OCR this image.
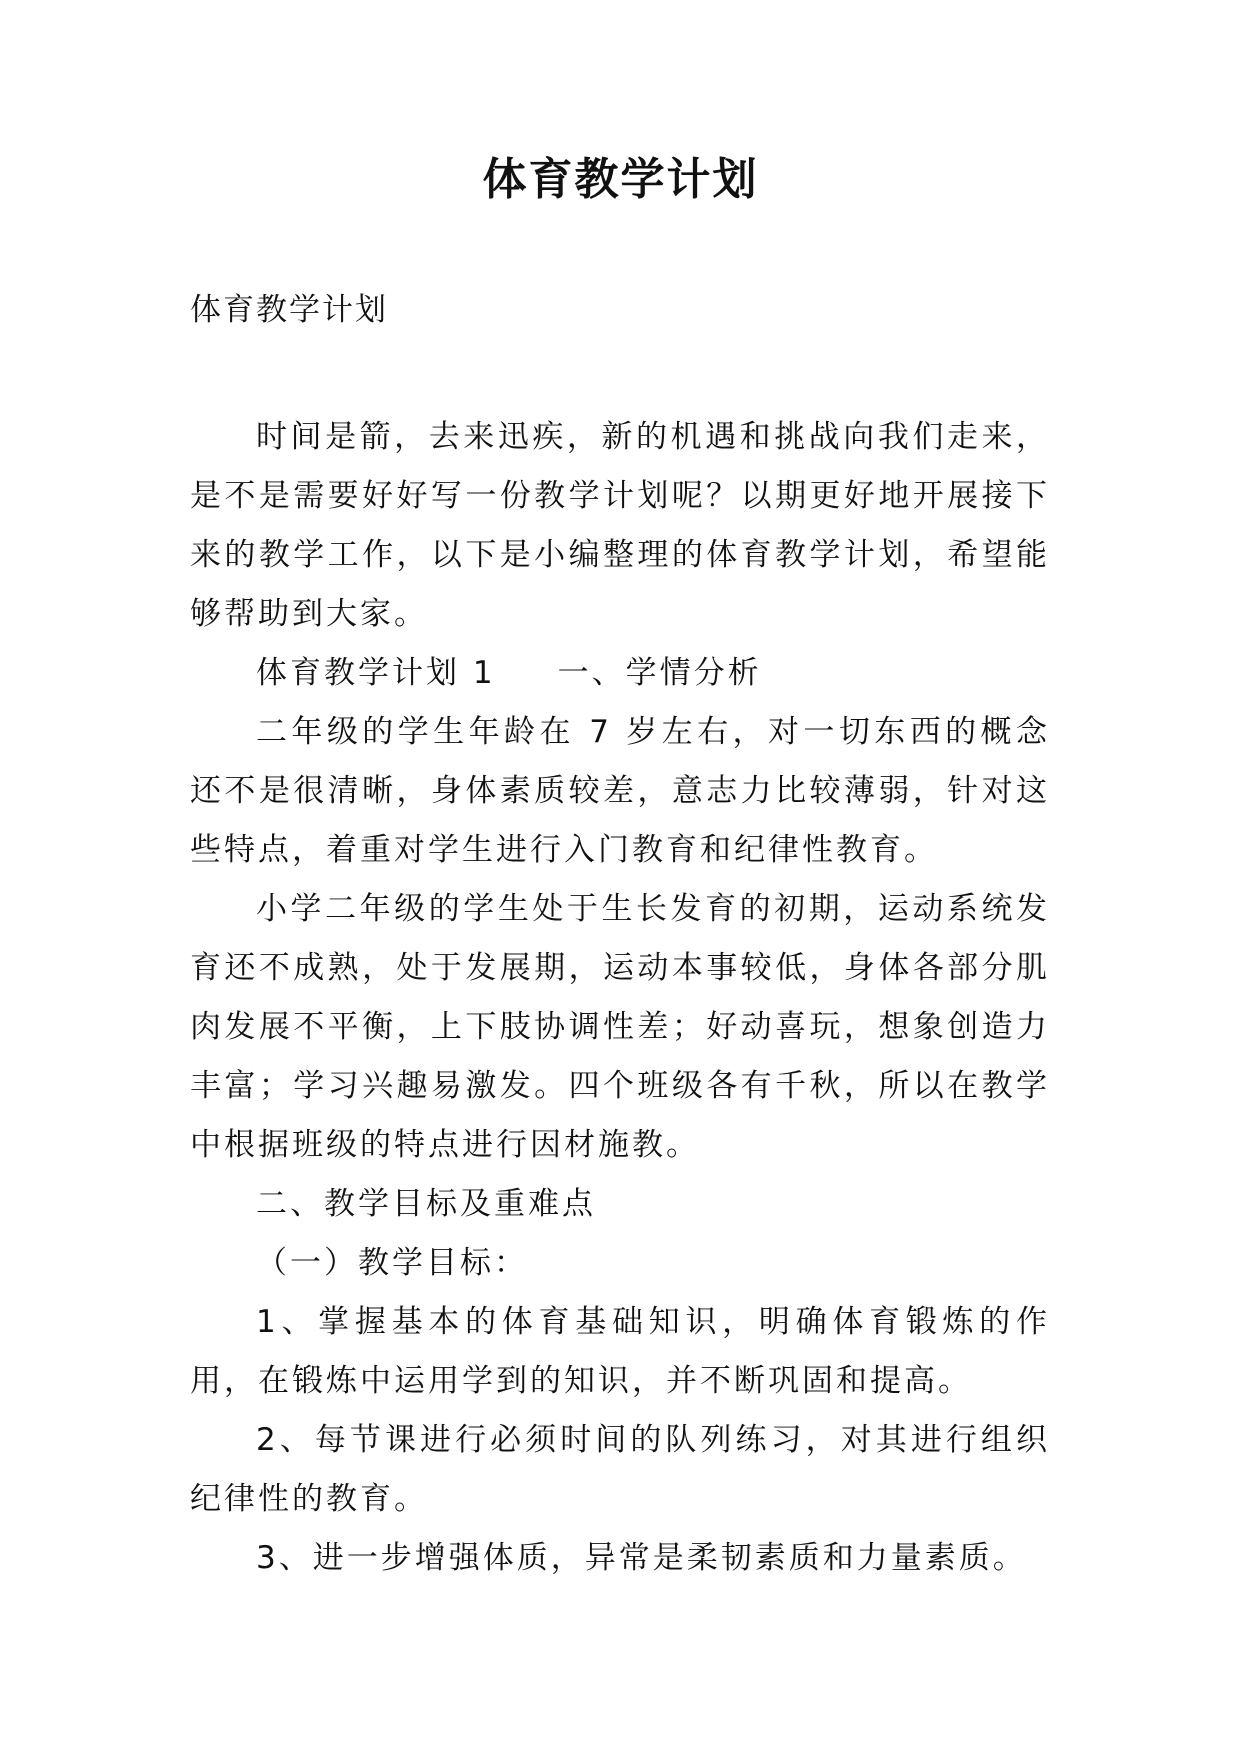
体育教学计划
体育教学计划

时间是箭，去来迅疾，新的机遇和挑战向我们走来，是不是需要好好写一份教学计划呢？以期更好地开展接下来的教学工作，以下是小编整理的体育教学计划，希望能够帮助到大家。

体育教学计划 1 一、学情分析

二年级的学生年龄在 7 岁左右，对一切东西的概念还不是很清晰，身体素质较差，意志力比较薄弱，针对这些特点，着重对学生进行入门教育和纪律性教育。

小学二年级的学生处于生长发育的初期，运动系统发育还不成熟，处于发展期，运动本事较低，身体各部分肌肉发展不平衡，上下肢协调性差；好动喜玩，想象创造力丰富；学习兴趣易激发。四个班级各有千秋，所以在教学中根据班级的特点进行因材施教。

二、教学目标及重难点

（一）教学目标：

1、掌握基本的体育基础知识，明确体育锻炼的作用，在锻炼中运用学到的知识，并不断巩固和提高。

2、每节课进行必须时间的队列练习，对其进行组织纪律性的教育。

3、进一步增强体质，异常是柔韧素质和力量素质。
